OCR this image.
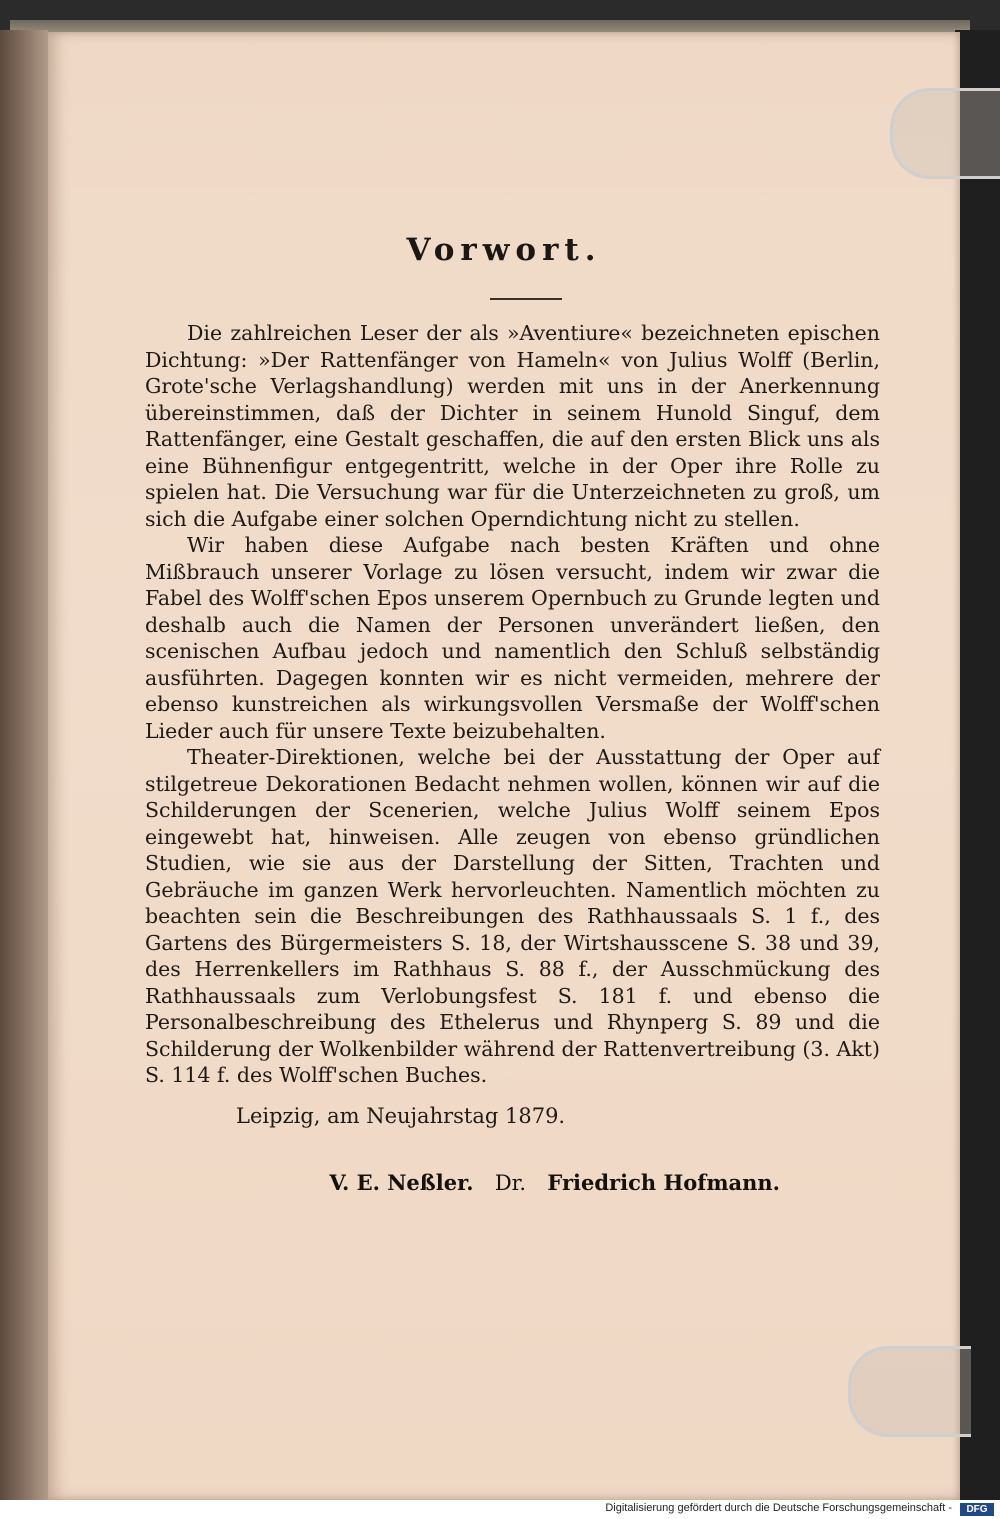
Vorwort.

Die zahlreichen Leser der als »Aventiure« bezeichneten epischen Dichtung: »Der Rattenfänger von Hameln« von Julius Wolff (Berlin, Grote'sche Verlagshandlung) werden mit uns in der Anerkennung übereinstimmen, daß der Dichter in seinem Hunold Singuf, dem Rattenfänger, eine Gestalt geschaffen, die auf den ersten Blick uns als eine Bühnenfigur entgegentritt, welche in der Oper ihre Rolle zu spielen hat. Die Versuchung war für die Unterzeichneten zu groß, um sich die Aufgabe einer solchen Operndichtung nicht zu stellen.

Wir haben diese Aufgabe nach besten Kräften und ohne Mißbrauch unserer Vorlage zu lösen versucht, indem wir zwar die Fabel des Wolff'schen Epos unserem Opernbuch zu Grunde legten und deshalb auch die Namen der Personen unverändert ließen, den scenischen Aufbau jedoch und namentlich den Schluß selbständig ausführten. Dagegen konnten wir es nicht vermeiden, mehrere der ebenso kunstreichen als wirkungsvollen Versmaße der Wolff'schen Lieder auch für unsere Texte beizubehalten.

Theater-Direktionen, welche bei der Ausstattung der Oper auf stilgetreue Dekorationen Bedacht nehmen wollen, können wir auf die Schilderungen der Scenerien, welche Julius Wolff seinem Epos eingewebt hat, hinweisen. Alle zeugen von ebenso gründlichen Studien, wie sie aus der Darstellung der Sitten, Trachten und Gebräuche im ganzen Werk hervorleuchten. Namentlich möchten zu beachten sein die Beschreibungen des Rathhaussaals S. 1 f., des Gartens des Bürgermeisters S. 18, der Wirtshausscene S. 38 und 39, des Herrenkellers im Rathhaus S. 88 f., der Ausschmückung des Rathhaussaals zum Verlobungsfest S. 181 f. und ebenso die Personalbeschreibung des Ethelerus und Rhynperg S. 89 und die Schilderung der Wolkenbilder während der Rattenvertreibung (3. Akt) S. 114 f. des Wolff'schen Buches.

Leipzig, am Neujahrstag 1879.
V. E. Neßler. Dr. Friedrich Hofmann.
Digitalisierung gefördert durch die Deutsche Forschungsgemeinschaft -	DFG
